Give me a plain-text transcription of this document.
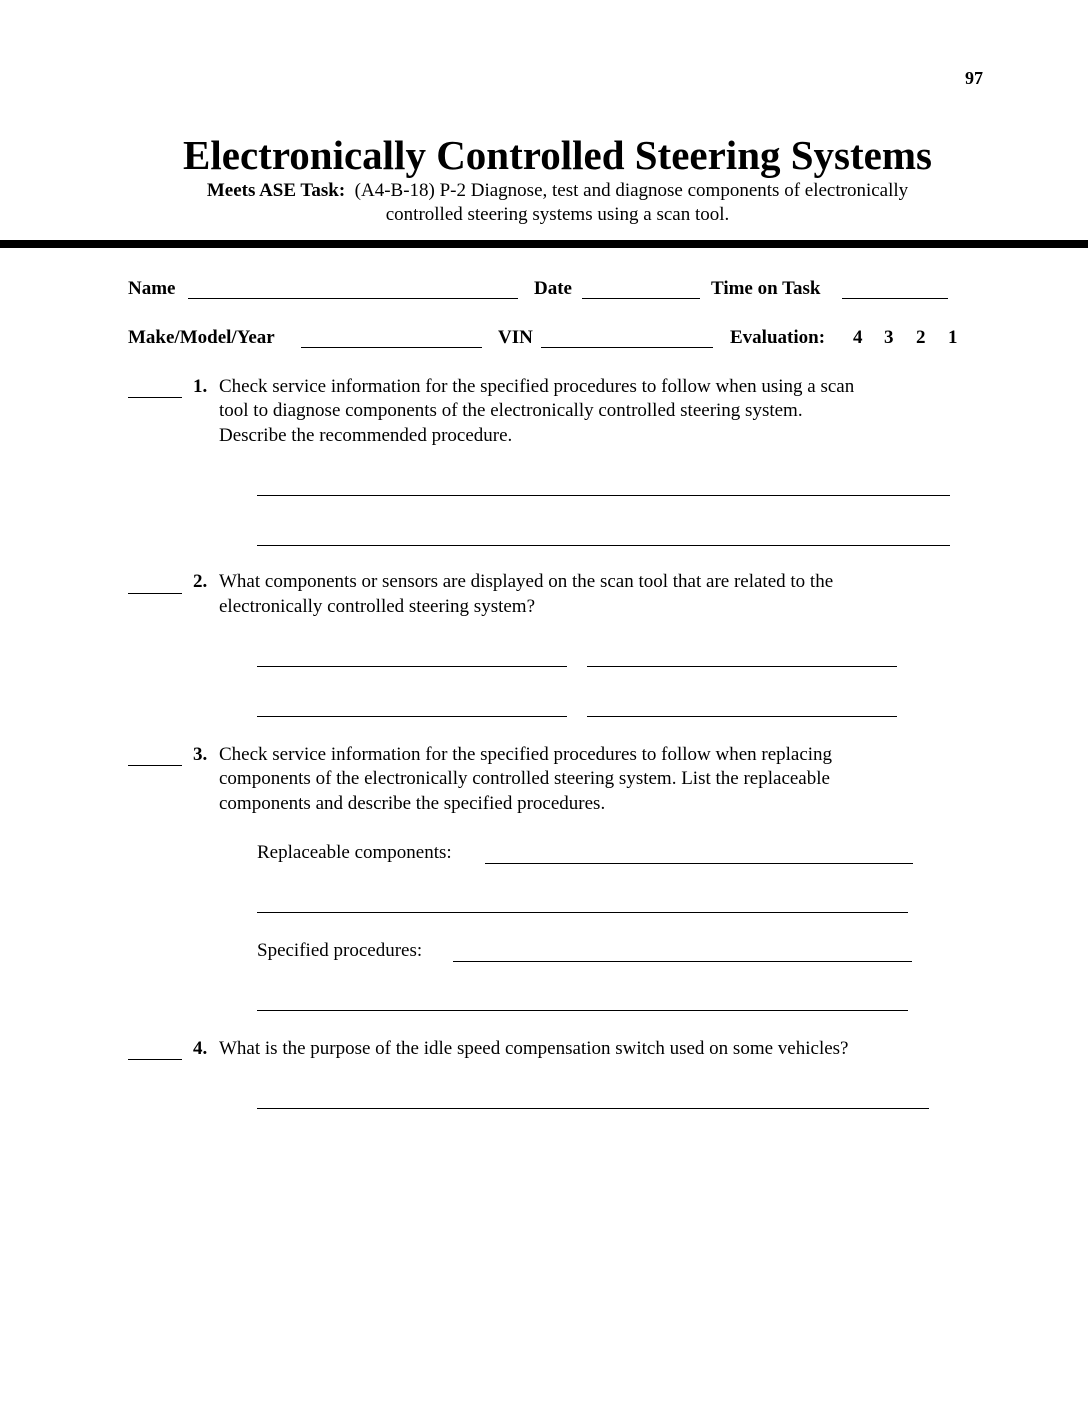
97
Electronically Controlled Steering Systems
Meets ASE Task: (A4-B-18) P-2 Diagnose, test and diagnose components of electronically
controlled steering systems using a scan tool.
Name	Date	Time on Task
Make/Model/Year	VIN	Evaluation: 4 3 2 1
1. Check service information for the specified procedures to follow when using a scan
tool to diagnose components of the electronically controlled steering system.
Describe the recommended procedure.
2. What components or sensors are displayed on the scan tool that are related to the
electronically controlled steering system?
3. Check service information for the specified procedures to follow when replacing
components of the electronically controlled steering system. List the replaceable
components and describe the specified procedures.
Replaceable components:
Specified procedures:
4. What is the purpose of the idle speed compensation switch used on some vehicles?
